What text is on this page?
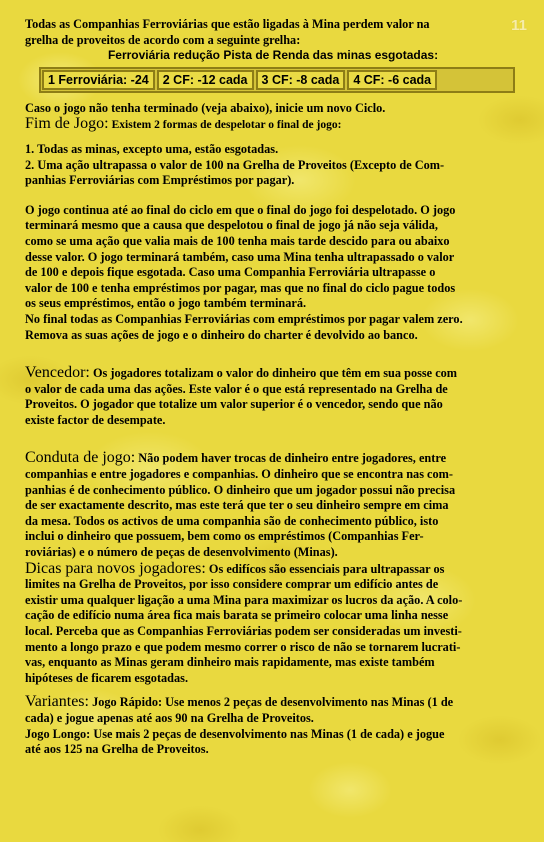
11

Todas as Companhias Ferroviárias que estão ligadas à Mina perdem valor na

grelha de proveitos de acordo com a seguinte grelha:

Ferroviária redução Pista de Renda das minas esgotadas:

1 Ferroviária: -24	2 CF: -12 cada	3 CF: -8 cada	4 CF: -6 cada

Caso o jogo não tenha terminado (veja abaixo), inicie um novo Ciclo.

Fim de Jogo: Existem 2 formas de despelotar o final de jogo:

1. Todas as minas, excepto uma, estão esgotadas.
2. Uma ação ultrapassa o valor de 100 na Grelha de Proveitos (Excepto de Com-
panhias Ferroviárias com Empréstimos por pagar).

O jogo continua até ao final do ciclo em que o final do jogo foi despelotado. O jogo

terminará mesmo que a causa que despelotou o final de jogo já não seja válida,

como se uma ação que valia mais de 100 tenha mais tarde descido para ou abaixo

desse valor. O jogo terminará também, caso uma Mina tenha ultrapassado o valor

de 100 e depois fique esgotada. Caso uma Companhia Ferroviária ultrapasse o

valor de 100 e tenha empréstimos por pagar, mas que no final do ciclo pague todos

os seus empréstimos, então o jogo também terminará.

No final todas as Companhias Ferroviárias com empréstimos por pagar valem zero.

Remova as suas ações de jogo e o dinheiro do charter é devolvido ao banco.

Vencedor: Os jogadores totalizam o valor do dinheiro que têm em sua posse com

o valor de cada uma das ações. Este valor é o que está representado na Grelha de

Proveitos. O jogador que totalize um valor superior é o vencedor, sendo que não

existe factor de desempate.

Conduta de jogo: Não podem haver trocas de dinheiro entre jogadores, entre

companhias e entre jogadores e companhias. O dinheiro que se encontra nas com-

panhias é de conhecimento público. O dinheiro que um jogador possui não precisa

de ser exactamente descrito, mas este terá que ter o seu dinheiro sempre em cima

da mesa. Todos os activos de uma companhia são de conhecimento público, isto

inclui o dinheiro que possuem, bem como os empréstimos (Companhias Fer-

roviárias) e o número de peças de desenvolvimento (Minas).

Dicas para novos jogadores: Os edifícos são essenciais para ultrapassar os

limites na Grelha de Proveitos, por isso considere comprar um edifício antes de

existir uma qualquer ligação a uma Mina para maximizar os lucros da ação. A colo-

cação de edifício numa área fica mais barata se primeiro colocar uma linha nesse

local. Perceba que as Companhias Ferroviárias podem ser consideradas um investi-

mento a longo prazo e que podem mesmo correr o risco de não se tornarem lucrati-

vas, enquanto as Minas geram dinheiro mais rapidamente, mas existe também

hipóteses de ficarem esgotadas.

Variantes: Jogo Rápido: Use menos 2 peças de desenvolvimento nas Minas (1 de

cada) e jogue apenas até aos 90 na Grelha de Proveitos.

Jogo Longo: Use mais 2 peças de desenvolvimento nas Minas (1 de cada) e jogue

até aos 125 na Grelha de Proveitos.
